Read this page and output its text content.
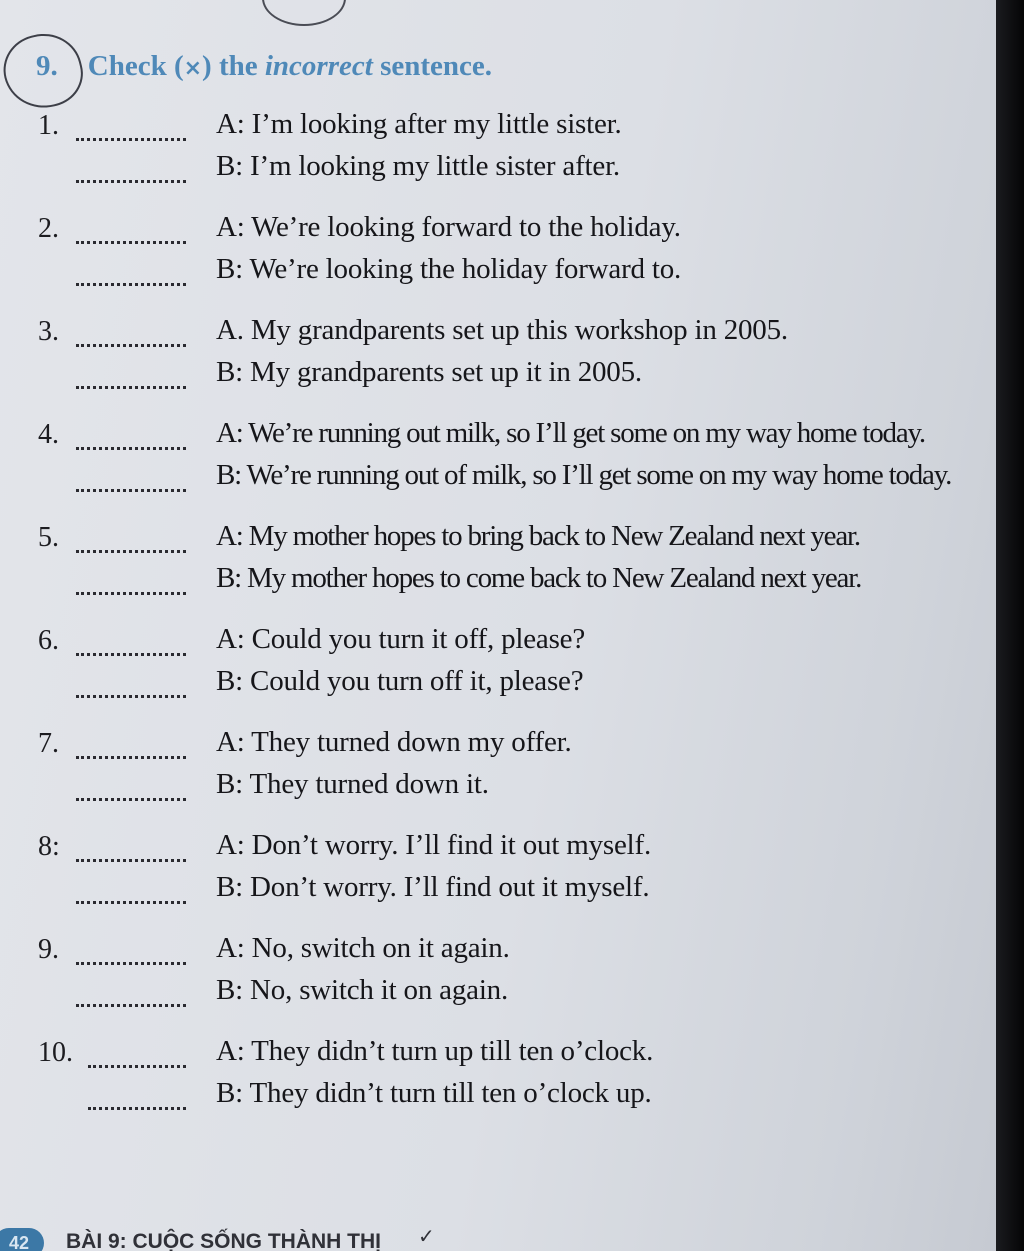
9. Check (×) the incorrect sentence.
1.	A: I’m looking after my little sister.
B: I’m looking my little sister after.
2.	A: We’re looking forward to the holiday.
B: We’re looking the holiday forward to.
3.	A. My grandparents set up this workshop in 2005.
B: My grandparents set up it in 2005.
4.	A: We’re running out milk, so I’ll get some on my way home today.
B: We’re running out of milk, so I’ll get some on my way home today.
5.	A: My mother hopes to bring back to New Zealand next year.
B: My mother hopes to come back to New Zealand next year.
6.	A: Could you turn it off, please?
B: Could you turn off it, please?
7.	A: They turned down my offer.
B: They turned down it.
8:	A: Don’t worry. I’ll find it out myself.
B: Don’t worry. I’ll find out it myself.
9.	A: No, switch on it again.
B: No, switch it on again.
10.	A: They didn’t turn up till ten o’clock.
B: They didn’t turn till ten o’clock up.
42	BÀI 9: CUỘC SỐNG THÀNH THỊ ✓
